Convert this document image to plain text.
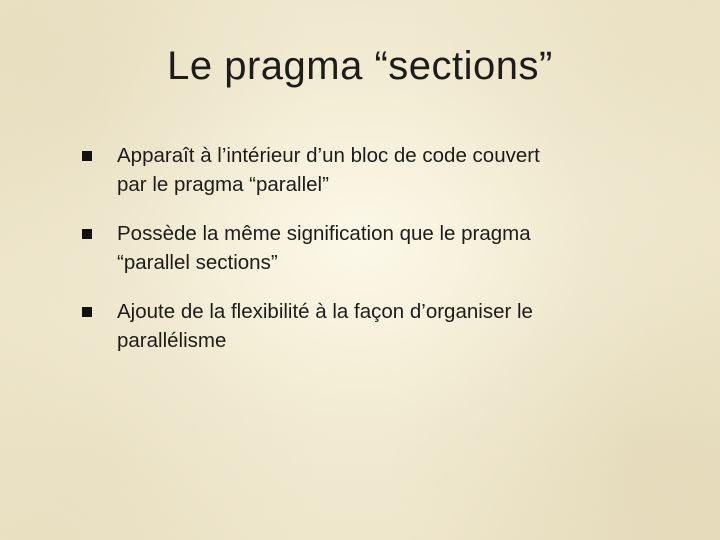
Le pragma “sections”
Apparaît à l’intérieur d’un bloc de code couvert
par le pragma “parallel”
Possède la même signification que le pragma
“parallel sections”
Ajoute de la flexibilité à la façon d’organiser le
parallélisme
